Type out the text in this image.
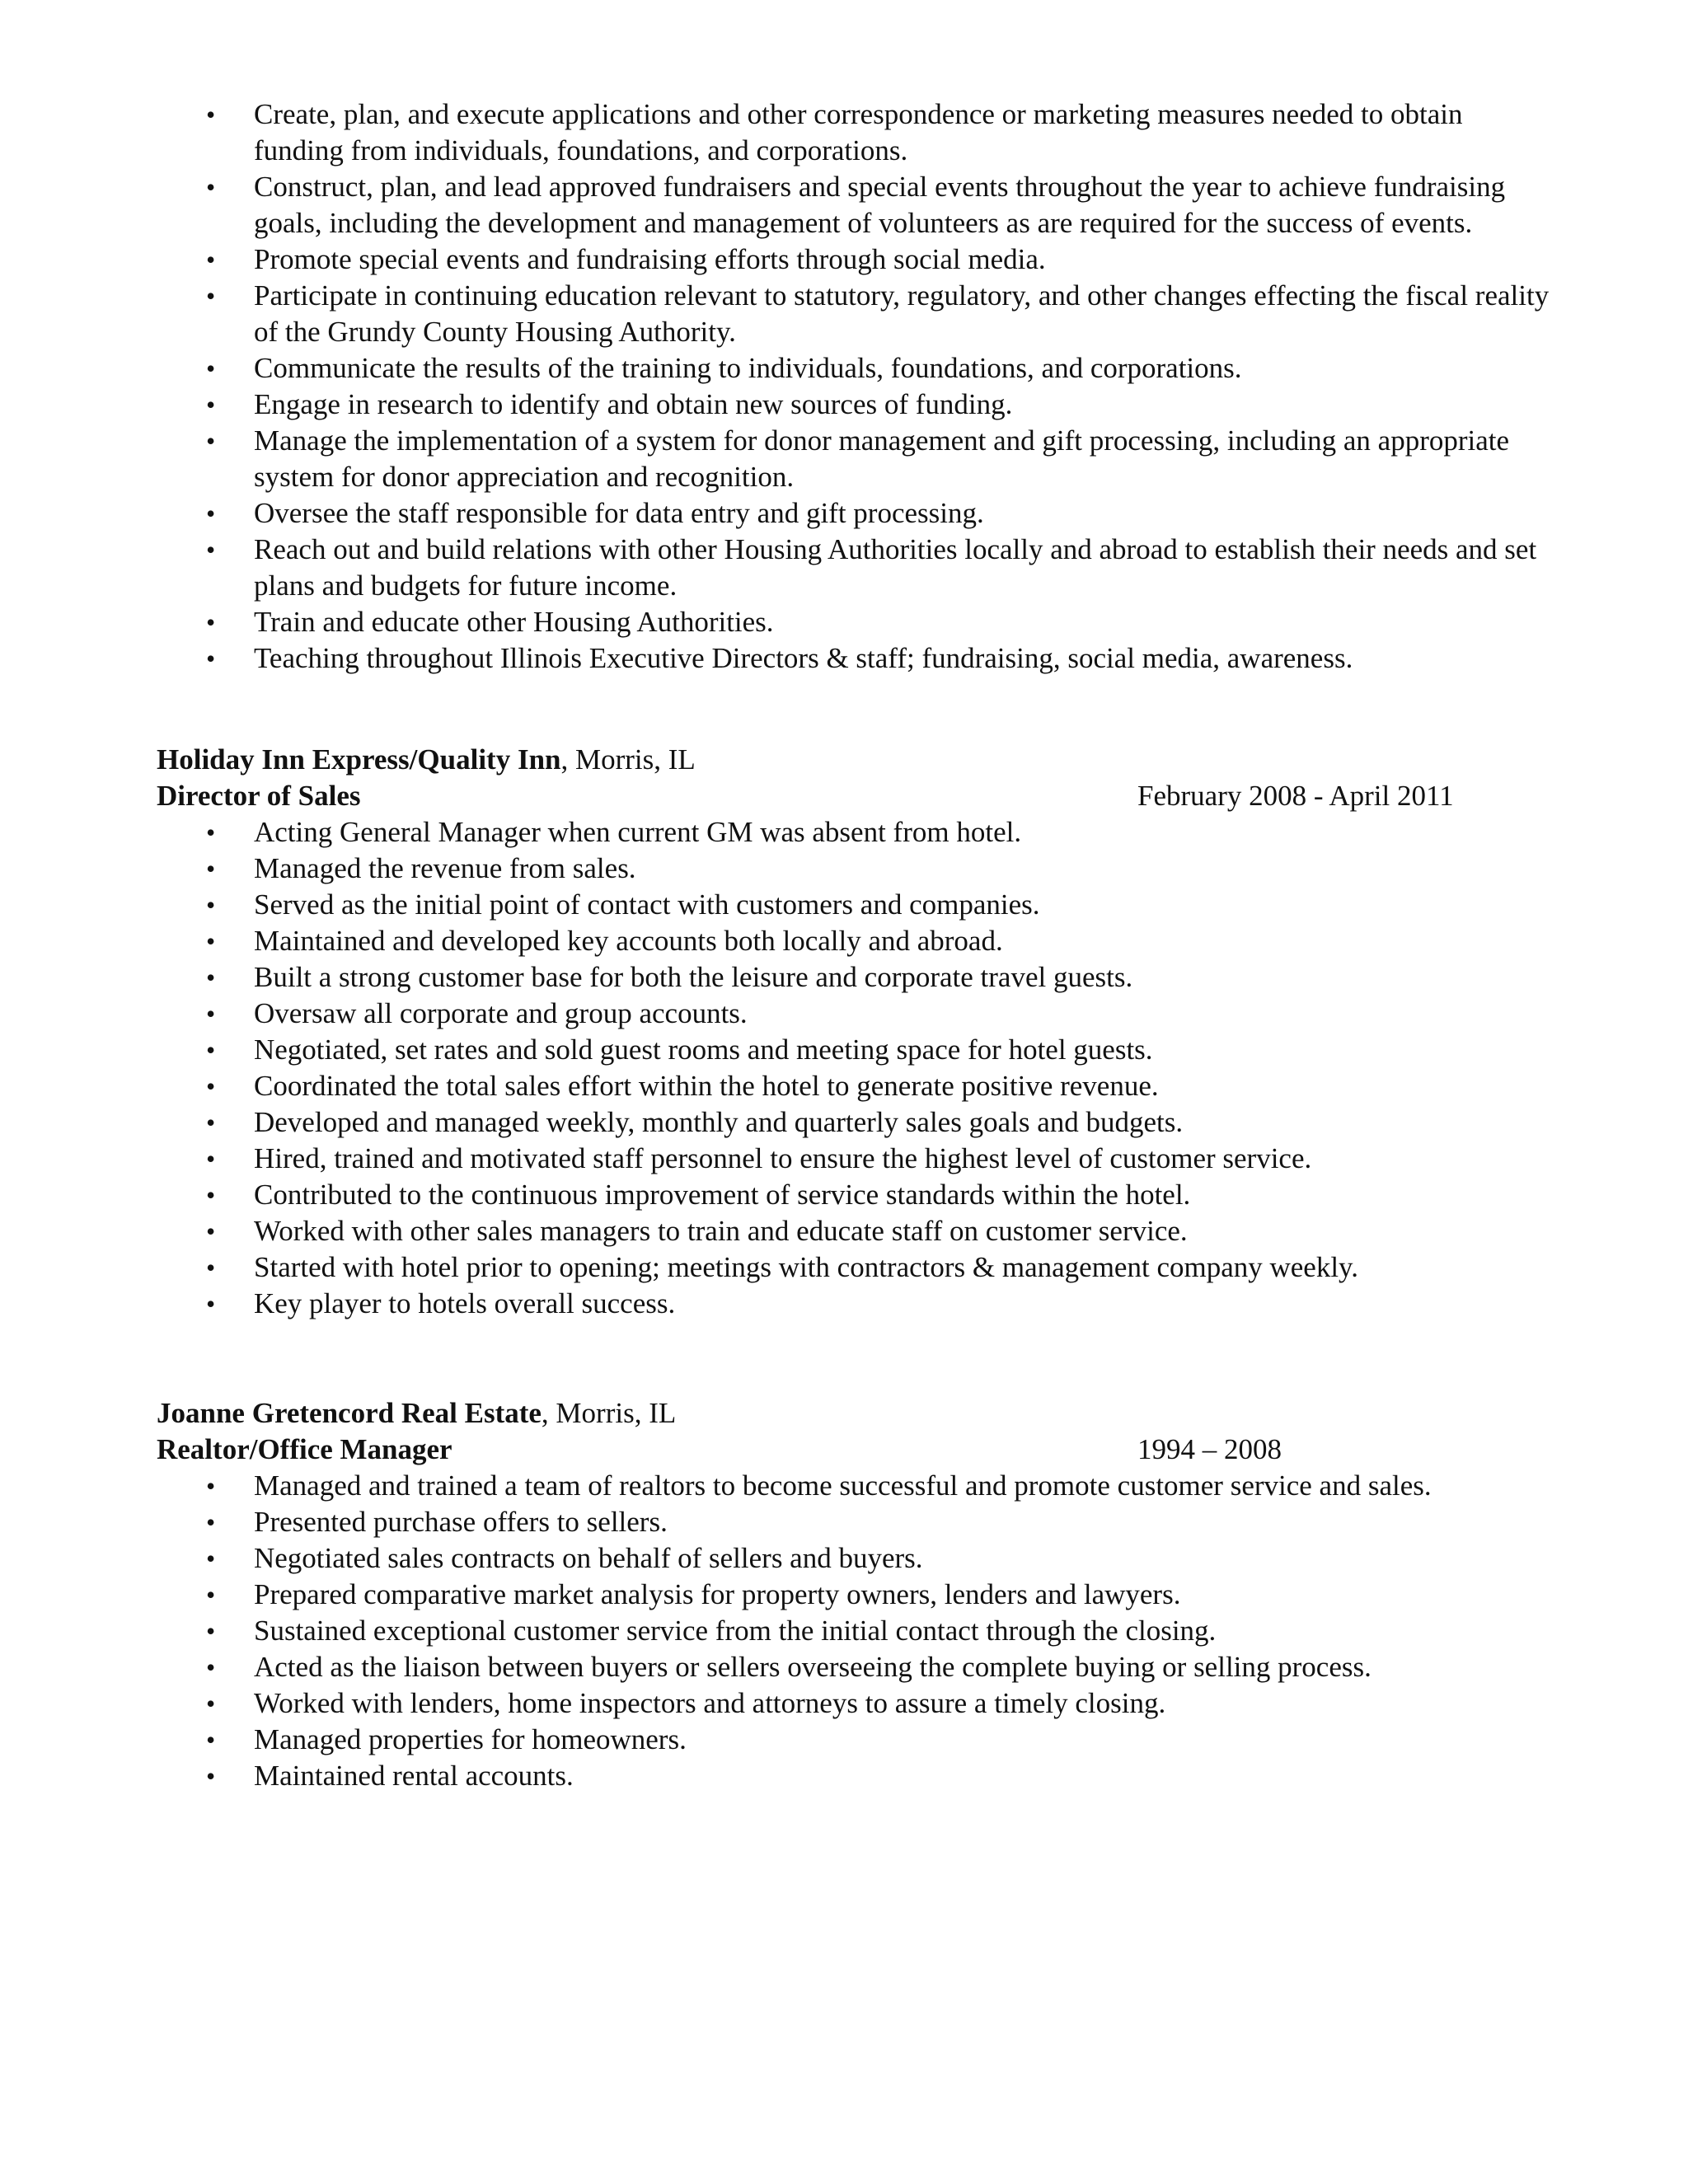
• Create, plan, and execute applications and other correspondence or marketing measures needed to obtain funding from individuals, foundations, and corporations.
• Construct, plan, and lead approved fundraisers and special events throughout the year to achieve fundraising goals, including the development and management of volunteers as are required for the success of events.
• Promote special events and fundraising efforts through social media.
• Participate in continuing education relevant to statutory, regulatory, and other changes effecting the fiscal reality of the Grundy County Housing Authority.
• Communicate the results of the training to individuals, foundations, and corporations.
• Engage in research to identify and obtain new sources of funding.
• Manage the implementation of a system for donor management and gift processing, including an appropriate system for donor appreciation and recognition.
• Oversee the staff responsible for data entry and gift processing.
• Reach out and build relations with other Housing Authorities locally and abroad to establish their needs and set plans and budgets for future income.
• Train and educate other Housing Authorities.
• Teaching throughout Illinois Executive Directors & staff; fundraising, social media, awareness.
Holiday Inn Express/Quality Inn, Morris, IL
Director of Sales	February 2008 - April 2011
• Acting General Manager when current GM was absent from hotel.
• Managed the revenue from sales.
• Served as the initial point of contact with customers and companies.
• Maintained and developed key accounts both locally and abroad.
• Built a strong customer base for both the leisure and corporate travel guests.
• Oversaw all corporate and group accounts.
• Negotiated, set rates and sold guest rooms and meeting space for hotel guests.
• Coordinated the total sales effort within the hotel to generate positive revenue.
• Developed and managed weekly, monthly and quarterly sales goals and budgets.
• Hired, trained and motivated staff personnel to ensure the highest level of customer service.
• Contributed to the continuous improvement of service standards within the hotel.
• Worked with other sales managers to train and educate staff on customer service.
• Started with hotel prior to opening; meetings with contractors & management company weekly.
• Key player to hotels overall success.
Joanne Gretencord Real Estate, Morris, IL
Realtor/Office Manager	1994 – 2008
• Managed and trained a team of realtors to become successful and promote customer service and sales.
• Presented purchase offers to sellers.
• Negotiated sales contracts on behalf of sellers and buyers.
• Prepared comparative market analysis for property owners, lenders and lawyers.
• Sustained exceptional customer service from the initial contact through the closing.
• Acted as the liaison between buyers or sellers overseeing the complete buying or selling process.
• Worked with lenders, home inspectors and attorneys to assure a timely closing.
• Managed properties for homeowners.
• Maintained rental accounts.
